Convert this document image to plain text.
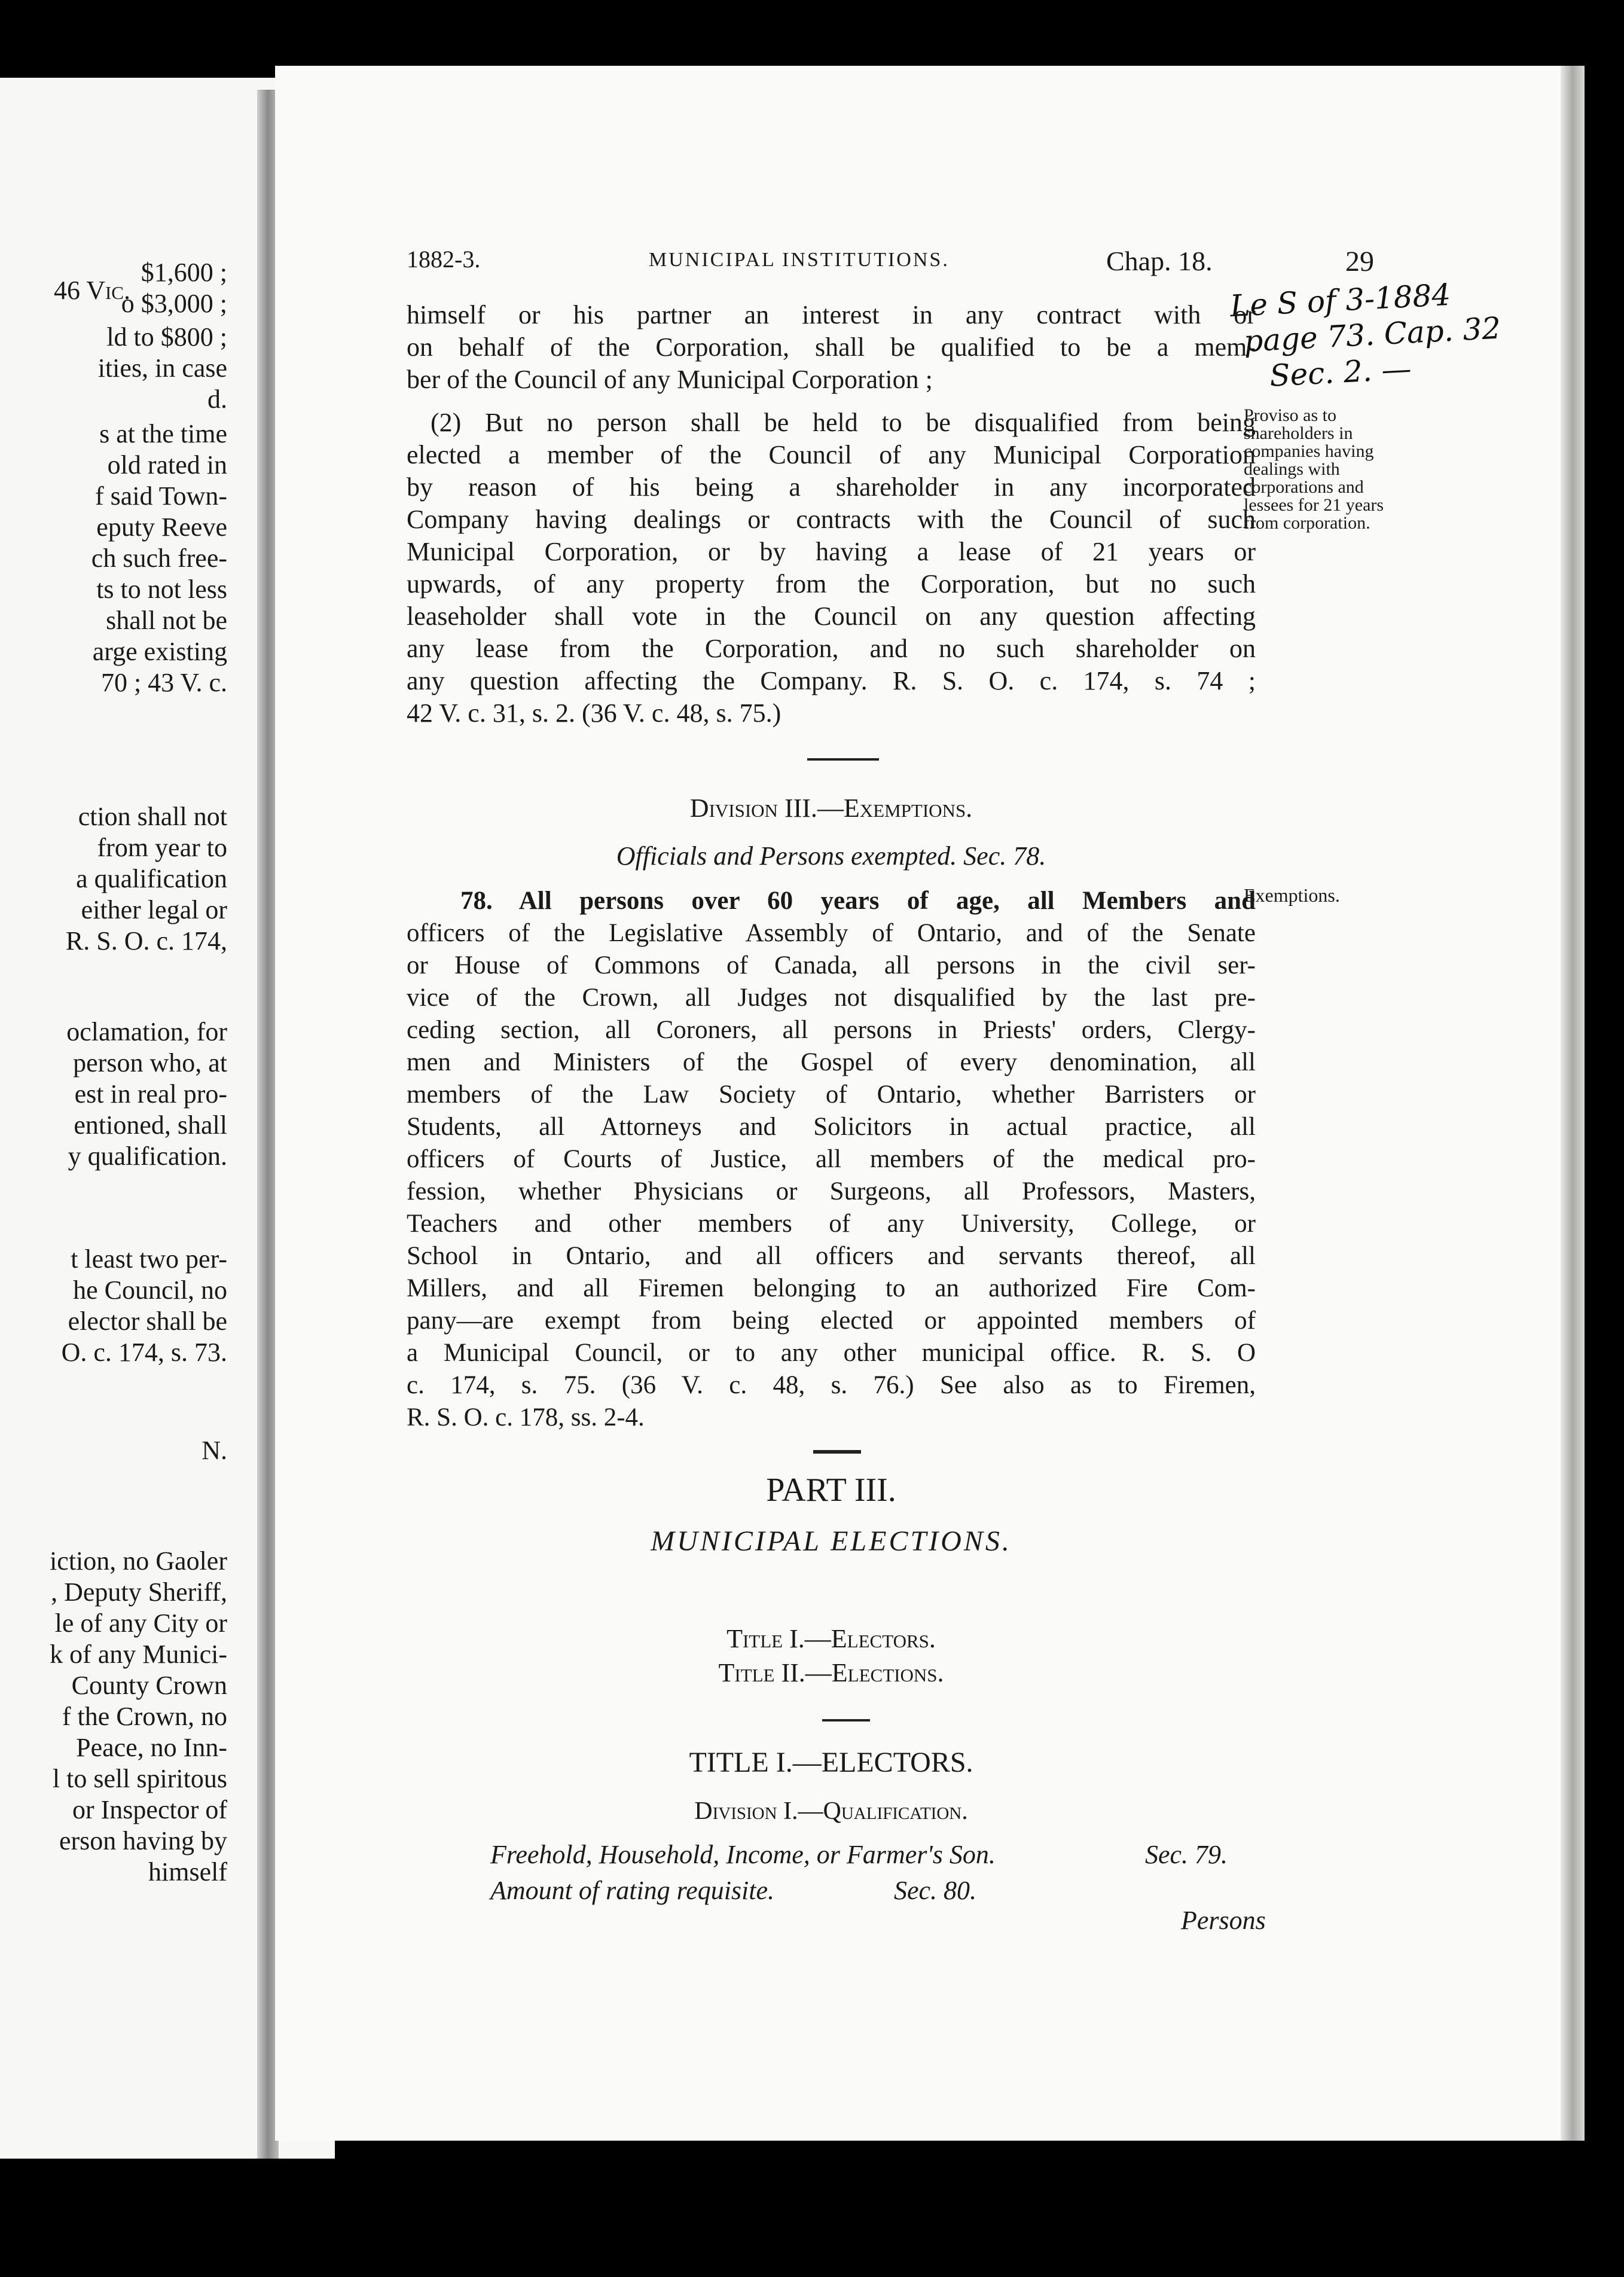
46 Vic.
$1,600 ;
o $3,000 ;
ld to $800 ;
ities, in case
d.
s at the time
old rated in
f said Town-
eputy Reeve
ch such free-
ts to not less
shall not be
arge existing
70 ; 43 V. c.
ction shall not
from year to
a qualification
either legal or
R. S. O. c. 174,
oclamation, for
person who, at
est in real pro-
entioned, shall
y qualification.
t least two per-
he Council, no
elector shall be
O. c. 174, s. 73.
N.
iction, no Gaoler
, Deputy Sheriff,
le of any City or
k of any Munici-
County Crown
f the Crown, no
Peace, no Inn-
l to sell spiritous
or Inspector of
erson having by
himself
1882-3.	MUNICIPAL INSTITUTIONS.	Chap. 18.	29
Le S of 3-1884
page 73. Cap. 32
Sec. 2. —
himself or his partner an interest in any contract with or
on behalf of the Corporation, shall be qualified to be a mem-
ber of the Council of any Municipal Corporation ;
(2) But no person shall be held to be disqualified from being
elected a member of the Council of any Municipal Corporation
by reason of his being a shareholder in any incorporated
Company having dealings or contracts with the Council of such
Municipal Corporation, or by having a lease of 21 years or
upwards, of any property from the Corporation, but no such
leaseholder shall vote in the Council on any question affecting
any lease from the Corporation, and no such shareholder on
any question affecting the Company. R. S. O. c. 174, s. 74 ;
42 V. c. 31, s. 2. (36 V. c. 48, s. 75.)
Proviso as to shareholders in companies having dealings with corporations and lessees for 21 years from corporation.
Division III.—Exemptions.
Officials and Persons exempted. Sec. 78.
78. All persons over 60 years of age, all Members and
officers of the Legislative Assembly of Ontario, and of the Senate
or House of Commons of Canada, all persons in the civil ser-
vice of the Crown, all Judges not disqualified by the last pre-
ceding section, all Coroners, all persons in Priests' orders, Clergy-
men and Ministers of the Gospel of every denomination, all
members of the Law Society of Ontario, whether Barristers or
Students, all Attorneys and Solicitors in actual practice, all
officers of Courts of Justice, all members of the medical pro-
fession, whether Physicians or Surgeons, all Professors, Masters,
Teachers and other members of any University, College, or
School in Ontario, and all officers and servants thereof, all
Millers, and all Firemen belonging to an authorized Fire Com-
pany—are exempt from being elected or appointed members of
a Municipal Council, or to any other municipal office. R. S. O
c. 174, s. 75. (36 V. c. 48, s. 76.) See also as to Firemen,
R. S. O. c. 178, ss. 2-4.
Exemptions.
PART III.
MUNICIPAL ELECTIONS.
Title I.—Electors.
Title II.—Elections.
TITLE I.—ELECTORS.
Division I.—Qualification.
Freehold, Household, Income, or Farmer's Son.	Sec. 79.
Amount of rating requisite.	Sec. 80.
Persons
